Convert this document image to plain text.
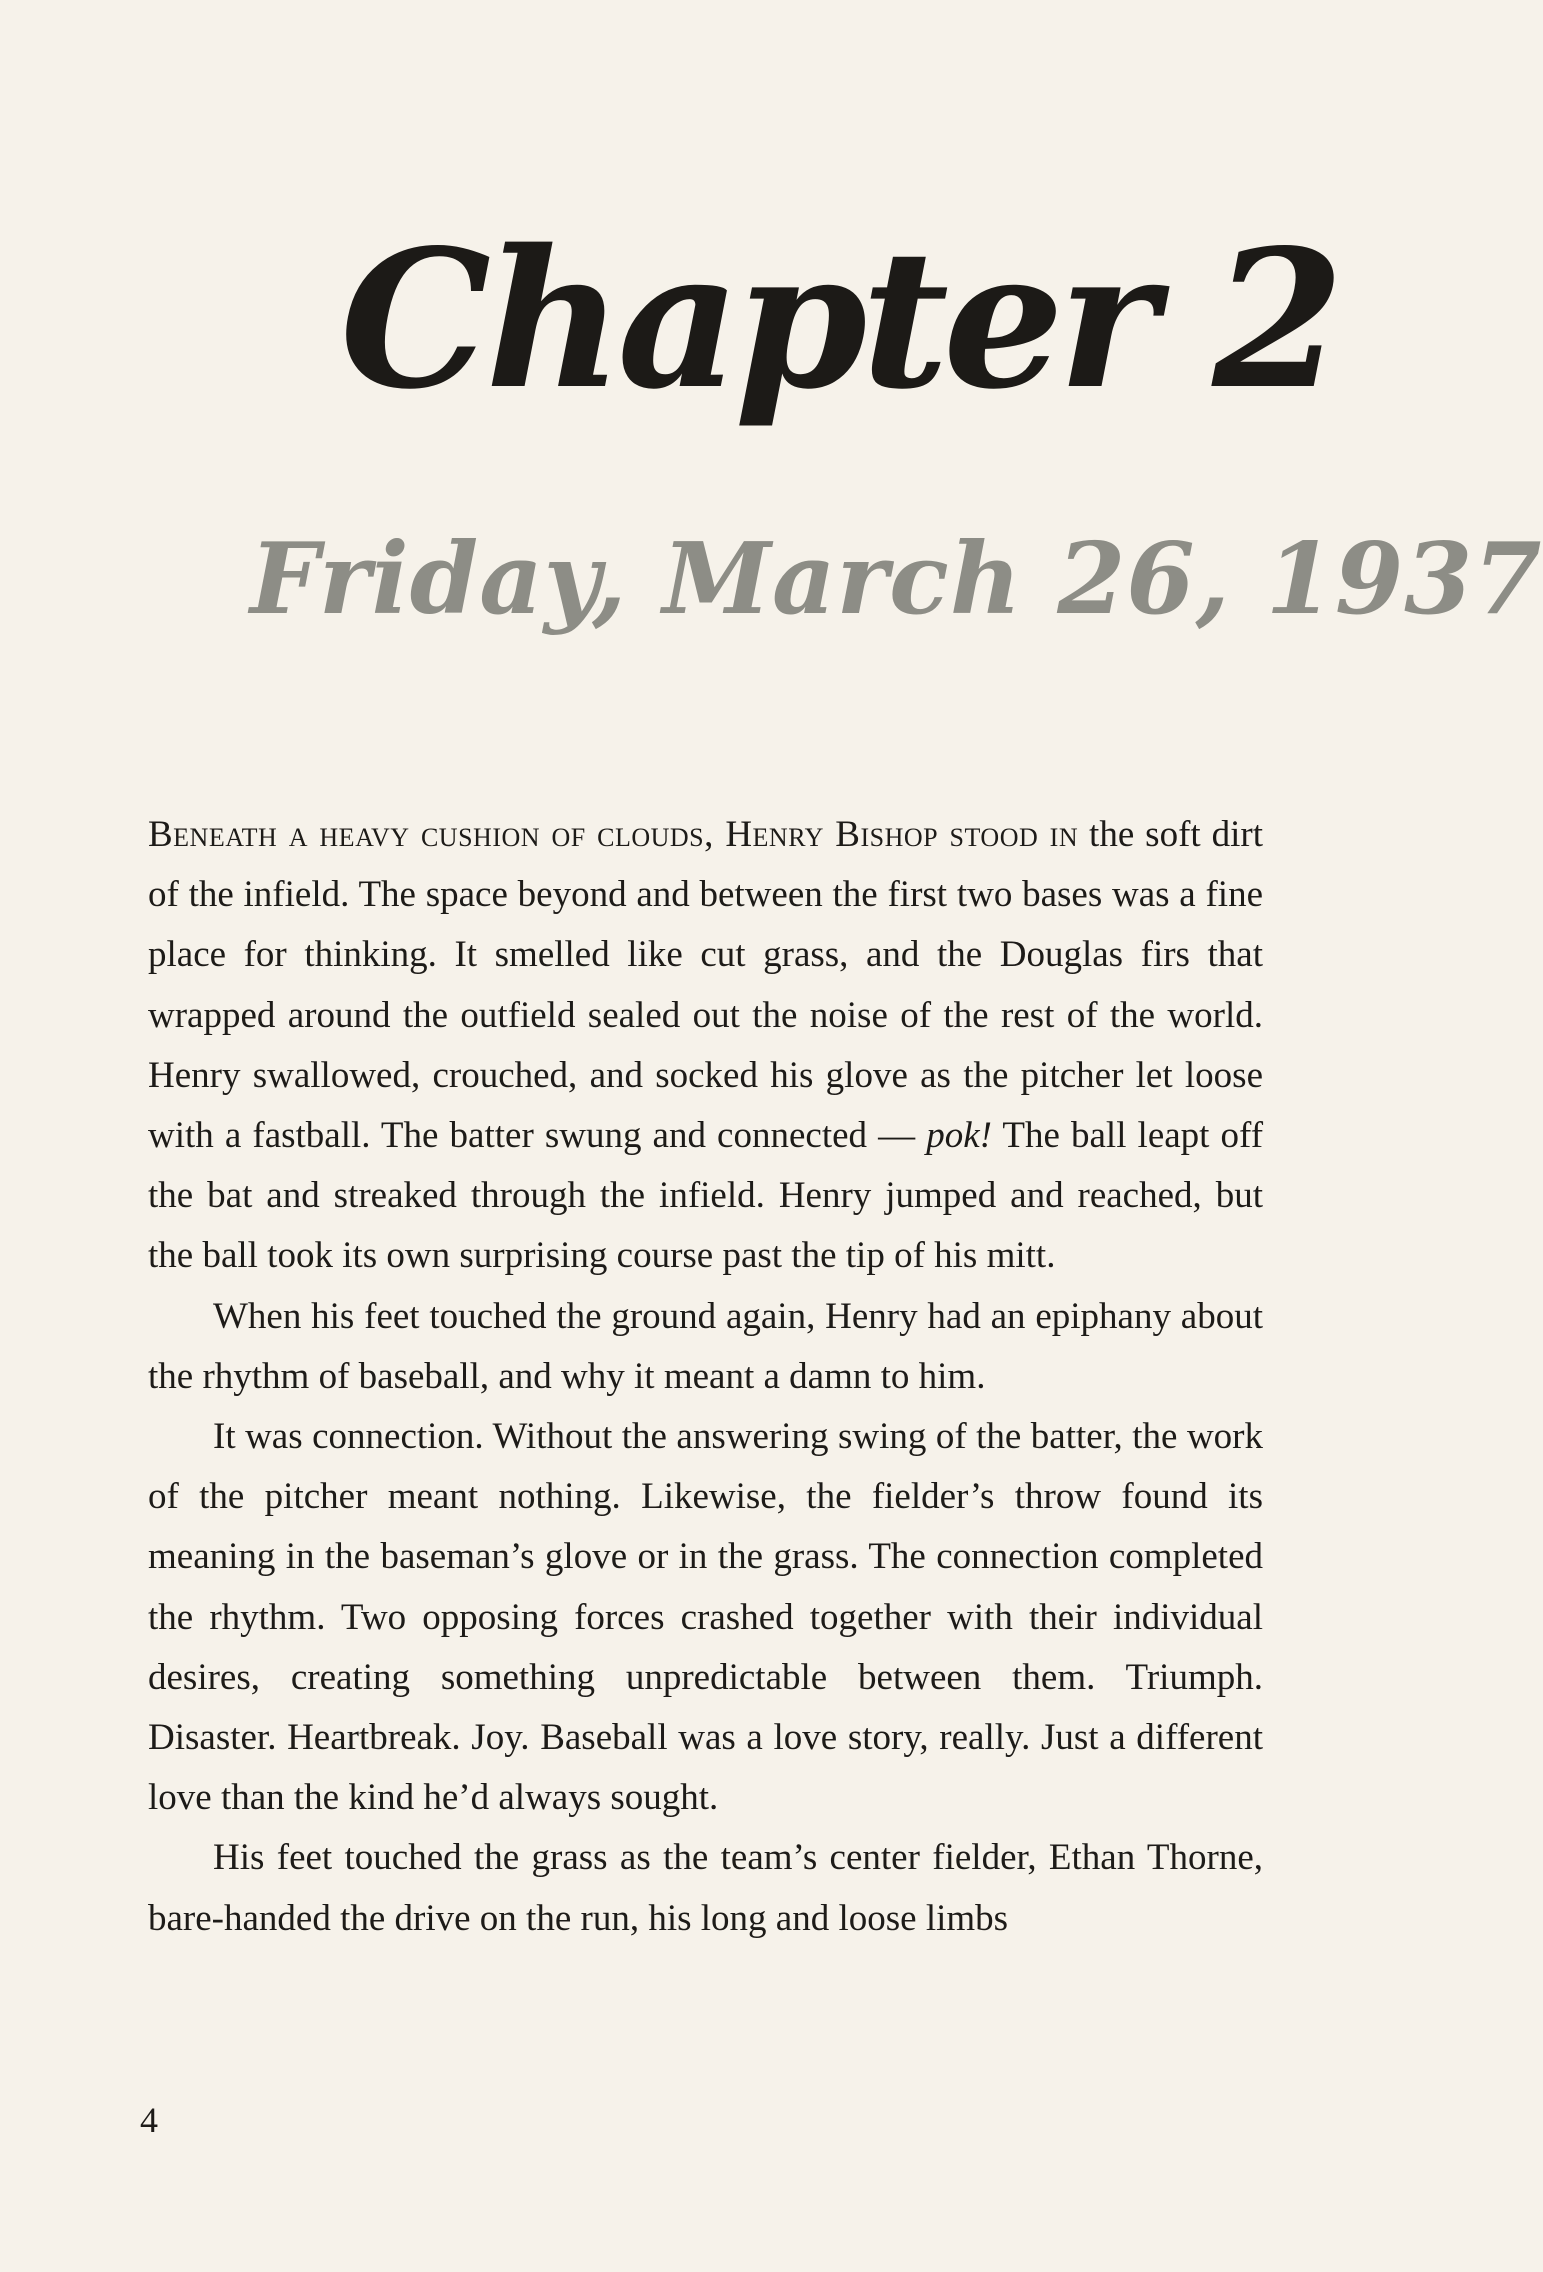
Chapter 2
Friday, March 26, 1937

Beneath a heavy cushion of clouds, Henry Bishop stood in the soft dirt of the infield. The space beyond and between the first two bases was a fine place for thinking. It smelled like cut grass, and the Douglas firs that wrapped around the outfield sealed out the noise of the rest of the world. Henry swallowed, crouched, and socked his glove as the pitcher let loose with a fastball. The batter swung and connected — pok! The ball leapt off the bat and streaked through the infield. Henry jumped and reached, but the ball took its own surprising course past the tip of his mitt.

When his feet touched the ground again, Henry had an epiphany about the rhythm of baseball, and why it meant a damn to him.

It was connection. Without the answering swing of the batter, the work of the pitcher meant nothing. Likewise, the fielder’s throw found its meaning in the baseman’s glove or in the grass. The connection completed the rhythm. Two opposing forces crashed together with their individual desires, creating something unpredictable between them. Triumph. Disaster. Heartbreak. Joy. Baseball was a love story, really. Just a different love than the kind he’d always sought.

His feet touched the grass as the team’s center fielder, Ethan Thorne, bare-handed the drive on the run, his long and loose limbs

4
